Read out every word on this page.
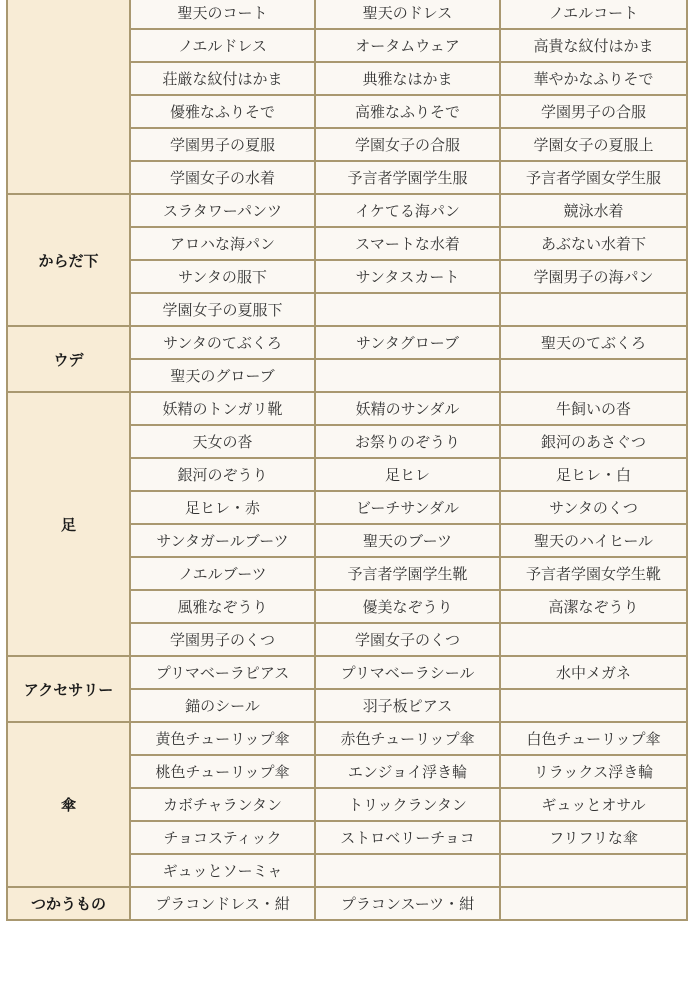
	聖天のコート	聖天のドレス	ノエルコート
	ノエルドレス	オータムウェア	高貴な紋付はかま
	荘厳な紋付はかま	典雅なはかま	華やかなふりそで
	優雅なふりそで	高雅なふりそで	学園男子の合服
	学園男子の夏服	学園女子の合服	学園女子の夏服上
	学園女子の水着	予言者学園学生服	予言者学園女学生服
からだ下	スラタワーパンツ	イケてる海パン	競泳水着
	アロハな海パン	スマートな水着	あぶない水着下
	サンタの服下	サンタスカート	学園男子の海パン
	学園女子の夏服下		
ウデ	サンタのてぶくろ	サンタグローブ	聖天のてぶくろ
	聖天のグローブ		
足	妖精のトンガリ靴	妖精のサンダル	牛飼いの沓
	天女の沓	お祭りのぞうり	銀河のあさぐつ
	銀河のぞうり	足ヒレ	足ヒレ・白
	足ヒレ・赤	ビーチサンダル	サンタのくつ
	サンタガールブーツ	聖天のブーツ	聖天のハイヒール
	ノエルブーツ	予言者学園学生靴	予言者学園女学生靴
	風雅なぞうり	優美なぞうり	高潔なぞうり
	学園男子のくつ	学園女子のくつ	
アクセサリー	プリマベーラピアス	プリマベーラシール	水中メガネ
	錨のシール	羽子板ピアス	
傘	黄色チューリップ傘	赤色チューリップ傘	白色チューリップ傘
	桃色チューリップ傘	エンジョイ浮き輪	リラックス浮き輪
	カボチャランタン	トリックランタン	ギュッとオサル
	チョコスティック	ストロベリーチョコ	フリフリな傘
	ギュッとソーミャ		
つかうもの	プラコンドレス・紺	プラコンスーツ・紺	
